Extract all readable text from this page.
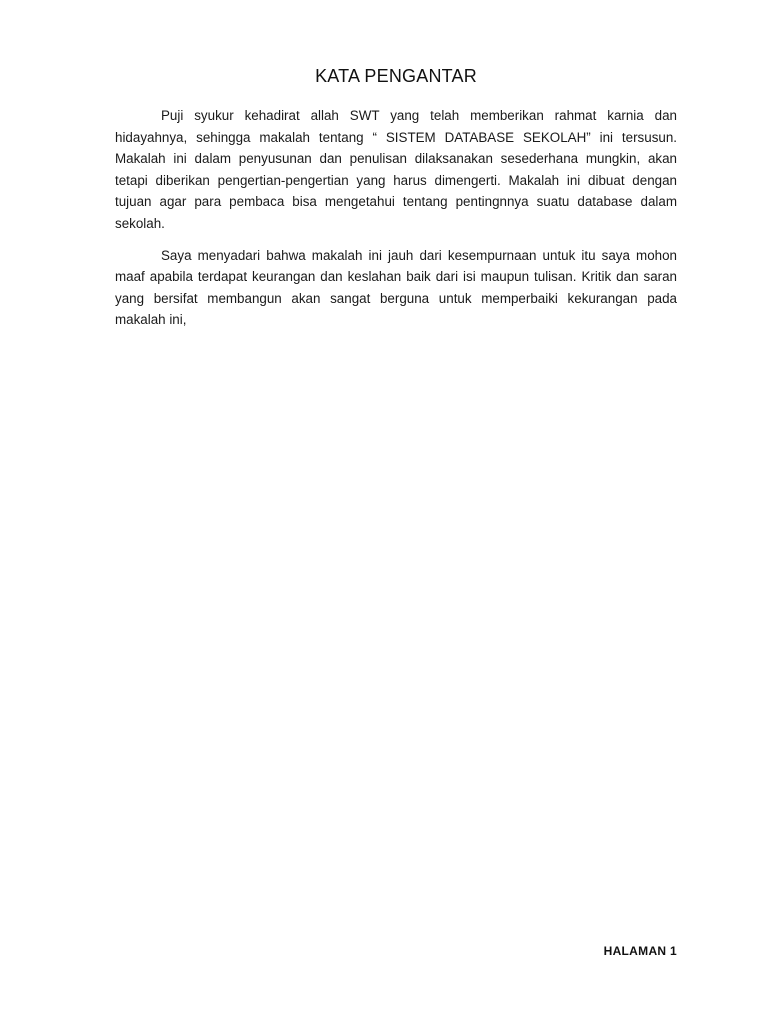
KATA PENGANTAR

Puji syukur kehadirat allah SWT yang telah memberikan rahmat karnia dan hidayahnya, sehingga makalah tentang “ SISTEM DATABASE SEKOLAH” ini tersusun. Makalah ini dalam penyusunan dan penulisan dilaksanakan sesederhana mungkin, akan tetapi diberikan pengertian-pengertian yang harus dimengerti. Makalah ini dibuat dengan tujuan agar para pembaca bisa mengetahui tentang pentingnnya suatu database dalam sekolah.

Saya menyadari bahwa makalah ini jauh dari kesempurnaan untuk itu saya mohon maaf apabila terdapat keurangan dan keslahan baik dari isi maupun tulisan. Kritik dan saran yang bersifat membangun akan sangat berguna untuk memperbaiki kekurangan pada makalah ini,

HALAMAN 1
